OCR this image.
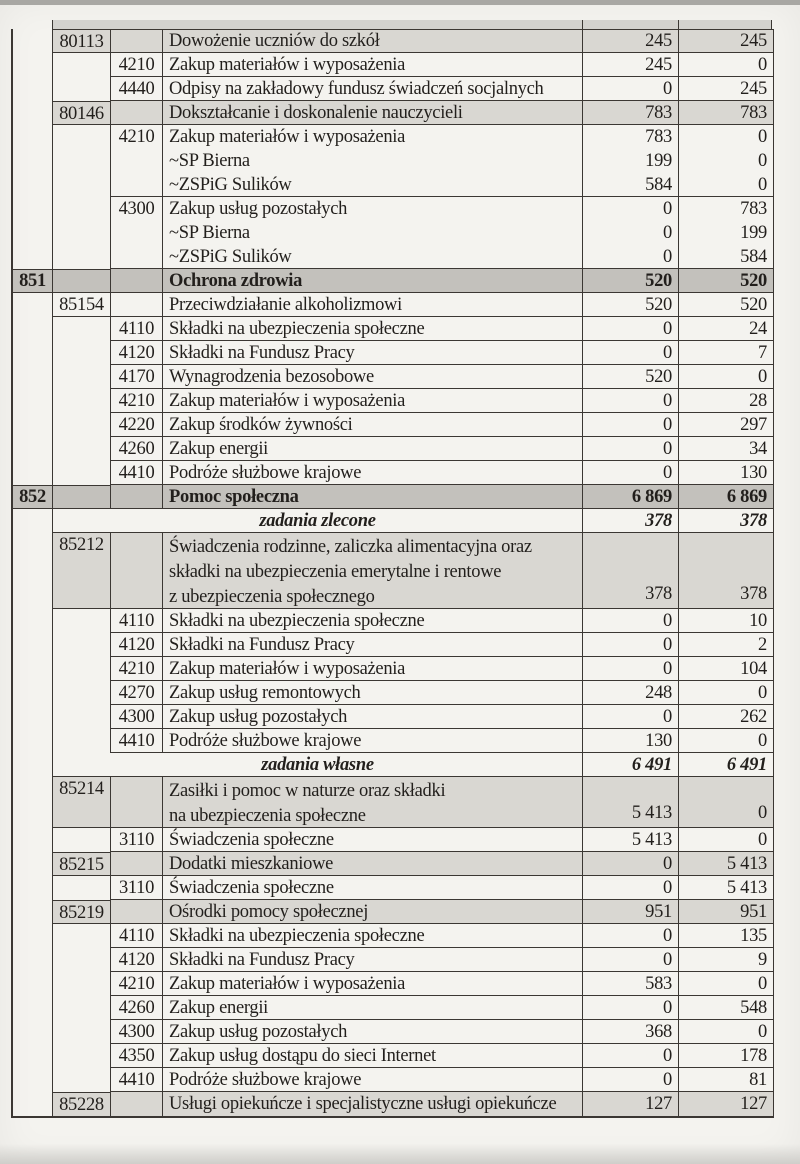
80113	Dowożenie uczniów do szkół	245	245
4210 Zakup materiałów i wyposażenia	245	0
4440 Odpisy na zakładowy fundusz świadczeń socjalnych	0	245
80146	Dokształcanie i doskonalenie nauczycieli	783	783
4210 Zakup materiałów i wyposażenia	783	0
~SP Bierna	199	0
~ZSPiG Sulików	584	0
4300 Zakup usług pozostałych	0	783
~SP Bierna	0	199
~ZSPiG Sulików	0	584
851	Ochrona zdrowia	520	520
85154	Przeciwdziałanie alkoholizmowi	520	520
4110 Składki na ubezpieczenia społeczne	0	24
4120 Składki na Fundusz Pracy	0	7
4170 Wynagrodzenia bezosobowe	520	0
4210 Zakup materiałów i wyposażenia	0	28
4220 Zakup środków żywności	0	297
4260 Zakup energii	0	34
4410 Podróże służbowe krajowe	0	130
852	Pomoc społeczna	6 869	6 869
zadania zlecone	378	378
85212	Świadczenia rodzinne, zaliczka alimentacyjna oraz
składki na ubezpieczenia emerytalne i rentowe
z ubezpieczenia społecznego	378	378
4110 Składki na ubezpieczenia społeczne	0	10
4120 Składki na Fundusz Pracy	0	2
4210 Zakup materiałów i wyposażenia	0	104
4270 Zakup usług remontowych	248	0
4300 Zakup usług pozostałych	0	262
4410 Podróże służbowe krajowe	130	0
zadania własne	6 491	6 491
85214	Zasiłki i pomoc w naturze oraz składki
na ubezpieczenia społeczne	5 413	0
3110 Świadczenia społeczne	5 413	0
85215	Dodatki mieszkaniowe	0	5 413
3110 Świadczenia społeczne	0	5 413
85219	Ośrodki pomocy społecznej	951	951
4110 Składki na ubezpieczenia społeczne	0	135
4120 Składki na Fundusz Pracy	0	9
4210 Zakup materiałów i wyposażenia	583	0
4260 Zakup energii	0	548
4300 Zakup usług pozostałych	368	0
4350 Zakup usług dostąpu do sieci Internet	0	178
4410 Podróże służbowe krajowe	0	81
85228	Usługi opiekuńcze i specjalistyczne usługi opiekuńcze	127	127
